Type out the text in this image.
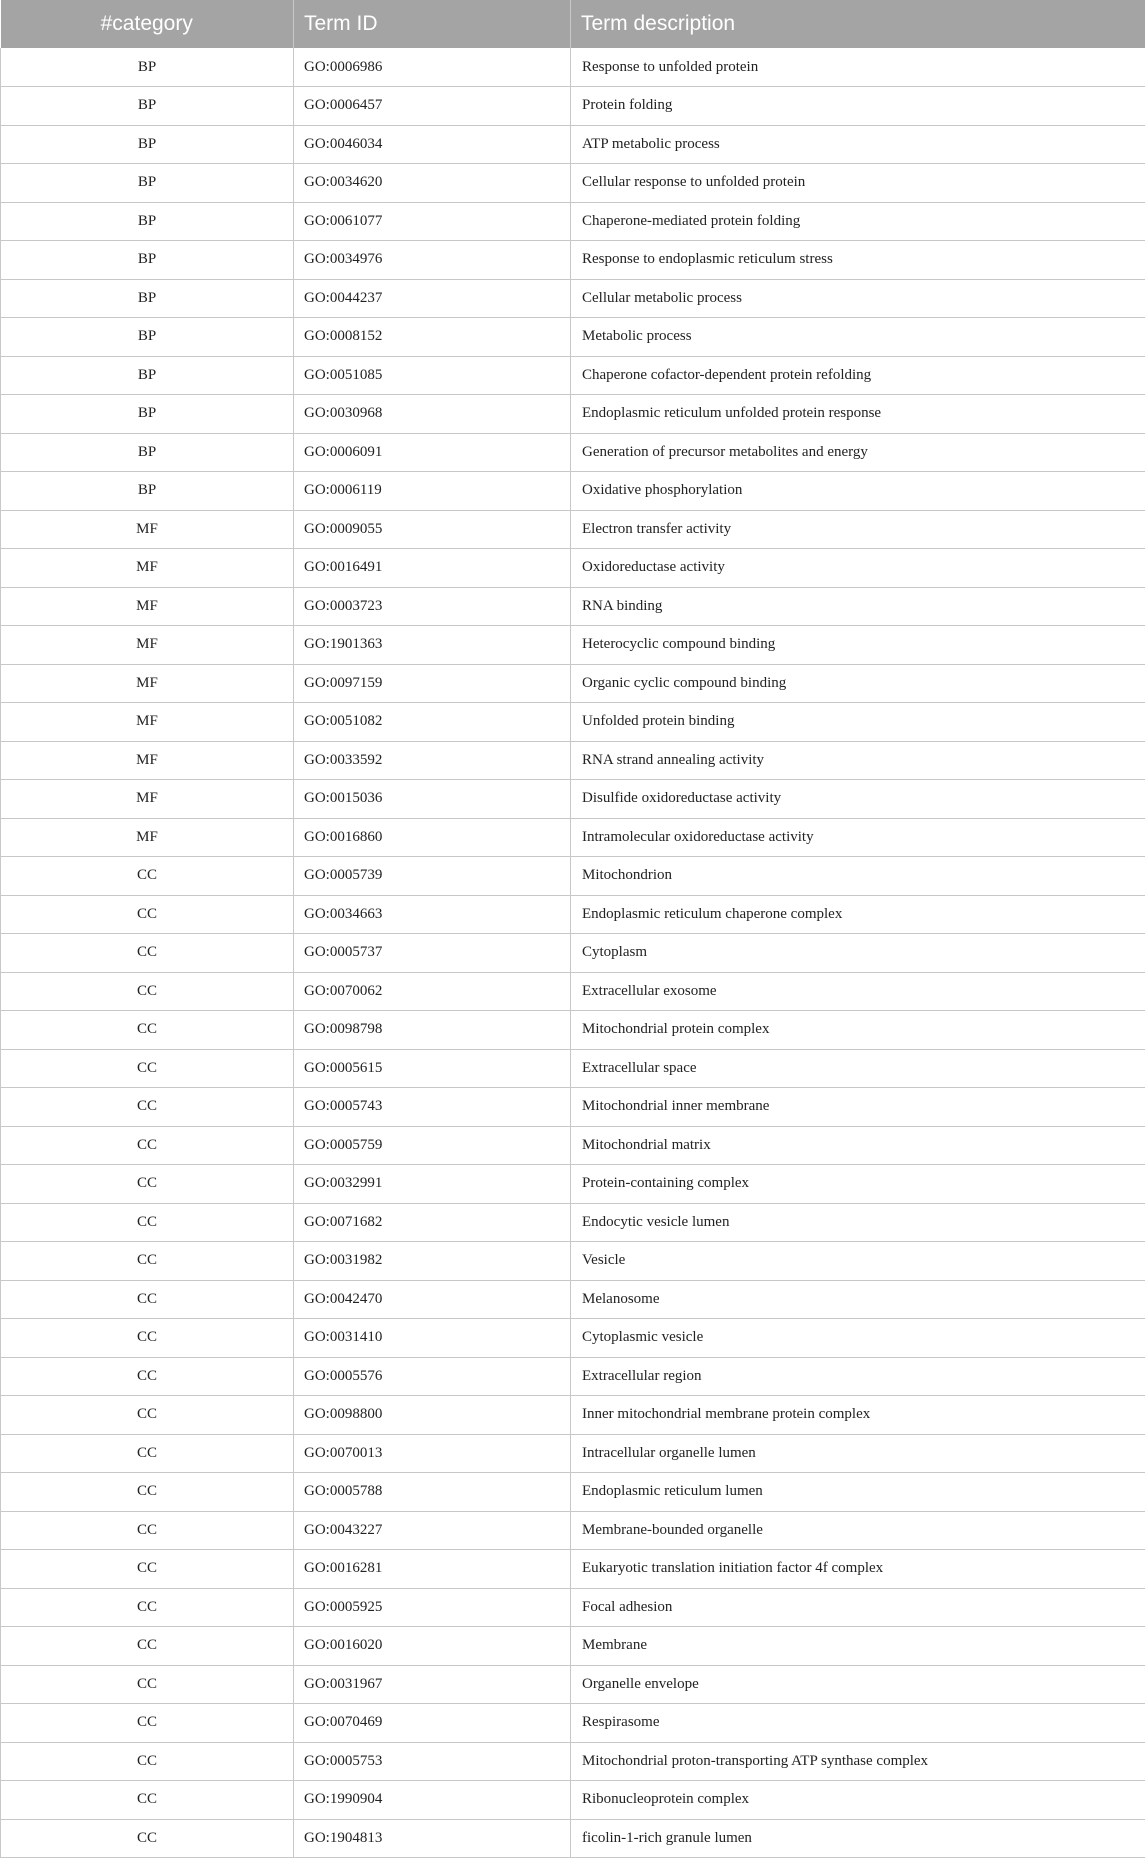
#category	Term ID	Term description
BP	GO:0006986	Response to unfolded protein
BP	GO:0006457	Protein folding
BP	GO:0046034	ATP metabolic process
BP	GO:0034620	Cellular response to unfolded protein
BP	GO:0061077	Chaperone-mediated protein folding
BP	GO:0034976	Response to endoplasmic reticulum stress
BP	GO:0044237	Cellular metabolic process
BP	GO:0008152	Metabolic process
BP	GO:0051085	Chaperone cofactor-dependent protein refolding
BP	GO:0030968	Endoplasmic reticulum unfolded protein response
BP	GO:0006091	Generation of precursor metabolites and energy
BP	GO:0006119	Oxidative phosphorylation
MF	GO:0009055	Electron transfer activity
MF	GO:0016491	Oxidoreductase activity
MF	GO:0003723	RNA binding
MF	GO:1901363	Heterocyclic compound binding
MF	GO:0097159	Organic cyclic compound binding
MF	GO:0051082	Unfolded protein binding
MF	GO:0033592	RNA strand annealing activity
MF	GO:0015036	Disulfide oxidoreductase activity
MF	GO:0016860	Intramolecular oxidoreductase activity
CC	GO:0005739	Mitochondrion
CC	GO:0034663	Endoplasmic reticulum chaperone complex
CC	GO:0005737	Cytoplasm
CC	GO:0070062	Extracellular exosome
CC	GO:0098798	Mitochondrial protein complex
CC	GO:0005615	Extracellular space
CC	GO:0005743	Mitochondrial inner membrane
CC	GO:0005759	Mitochondrial matrix
CC	GO:0032991	Protein-containing complex
CC	GO:0071682	Endocytic vesicle lumen
CC	GO:0031982	Vesicle
CC	GO:0042470	Melanosome
CC	GO:0031410	Cytoplasmic vesicle
CC	GO:0005576	Extracellular region
CC	GO:0098800	Inner mitochondrial membrane protein complex
CC	GO:0070013	Intracellular organelle lumen
CC	GO:0005788	Endoplasmic reticulum lumen
CC	GO:0043227	Membrane-bounded organelle
CC	GO:0016281	Eukaryotic translation initiation factor 4f complex
CC	GO:0005925	Focal adhesion
CC	GO:0016020	Membrane
CC	GO:0031967	Organelle envelope
CC	GO:0070469	Respirasome
CC	GO:0005753	Mitochondrial proton-transporting ATP synthase complex
CC	GO:1990904	Ribonucleoprotein complex
CC	GO:1904813	ficolin-1-rich granule lumen
